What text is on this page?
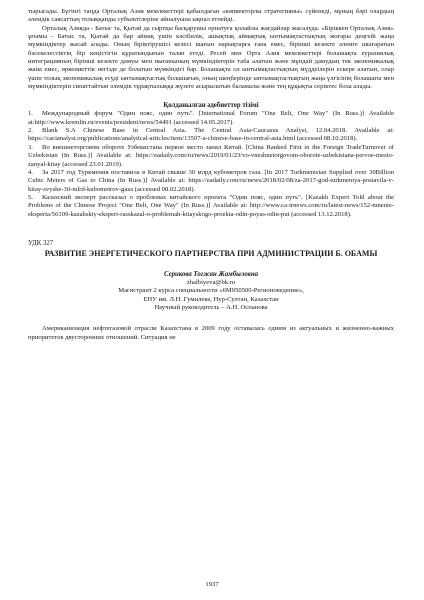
тырысады. Бүгінгі таңда Орталық Азия мемлекеттері қабылдаған «көпвекторлы стратегияны» сүйенеді, мұның бәрі олардың әлемдік саясаттың толыққанды субъектілеріне айналуына ықпал етпейді.

Орталық Азияда - Батыс та, Қытай да сыртқы басқарушы орнатуға қолайлы жағдайлар жасалуда. «Біріккен Орталық Азия» ұғымы - Батыс та, Қытай да бар аймақ үшін кәсібилік, ашықтық аймақтық ынтымақтастықтың жоғары деңгейі жаңа мүмкіндіктер жасай алады. Оның біріктірушісі келесі шағын нарықтарға ғана емес, бірінші кезекте әлемге шығаратын бәсекелестіктің бір кеңістігін құратындығын талап етеді. Ресей мен Орта Азия мемлекеттері болашақта еуразиялық интеграцияның бірінші кезекте дамуы мен нығаюының мүмкіндіктерін таба алатын және мұндай дамудың тек экономикалық жана емес, өркениеттік негізде де болатын мүмкіндігі бар. Болашақта ол ынтымақтастықтың мүддеілерін ескере алатын, олар үшін толық экономикалық есуді ынтымақтастық болашағын, оның шеңберінде ынтымақтастықтың жаңа үлгісінің болашағы мен мүмкіндіктерін сипаттайтын әлемдік тұрақтылыққа жүзеге асырылатын баламалы және тең құқықты серіктес бола алады.

Қолданылған әдебиеттер тізімі
1. Международный форум "Один пояс, один путь". [International Forum "One Belt, One Way" (In Russ.)] Available at:http://www.kremlin.ru/events/president/news/54491 (accessed 14.05.2017).
2. Blank S.A Chinese Base in Central Asia. The Central Asia-Caucasus Analyst, 12.04.2018. Available at: https://cacianalyst.org/publications/analytical-articles/item/13507-a-chinese-base-in-central-asia.html (accessed 08.10.2018).
3. Во внешнеторговом обороте Узбекистана первое место занял Китай. [China Ranked First in the Foreign TradeTurnover of Uzbekistan (In Russ.)] Available at: https://eadaily.com/ru/news/2019/01/23/vo-vneshnetorgovom-oborote-uzbekistana-pervoe-mesto-zanyal-kitay (accessed 23.01.2019).
4. За 2017 год Туркмения поставила в Китай свыше 30 млрд кубометров газа. [In 2017 Turkmenistan Supplied over 30Billion Cubic Meters of Gas to China (In Russ.)] Available at: https://eadaily.com/ru/news/2018/02/08/za-2017-god-turkmeniya-postavila-v-kitay-svyshe-30-mlrd-kubometrov-gaza (accessed 08.02.2018).
5. Казахский эксперт рассказал о проблемах китайского проекта "Один пояс, один путь". [Kazakh Expert Told about the Problems of the Chinese Project "One Belt, One Way" (In Russ.)] Available at: http://www.ca-irnews.com/ru/latest-news/152-mnenie-eksperta/56109-kazahskiy-ekspert-rasskazal-o-problemah-kitayskogo-proekta-odin-poyas-odin-put (accessed 13.12.2018).
УДК 327
РАЗВИТИЕ ЭНЕРГЕТИЧЕСКОГО ПАРТНЕРСТВА ПРИ АДМИНИСТРАЦИИ Б. ОБАМЫ
Серикова Тогжан Жамбыловна
zhalbiyeva@bk.ru
Магистрант 2 курса специальности «6М050500-Регионоведение»,
ЕНУ им. Л.Н. Гумилева, Нур-Султан, Казахстан
Научный руководитель – А.Н. Оспанова

Американизация нефтегазовой отрасли Казахстана в 2009 году оставалась одним из актуальных и жизненно-важных приоритетов двусторонних отношений. Ситуация не

1937
